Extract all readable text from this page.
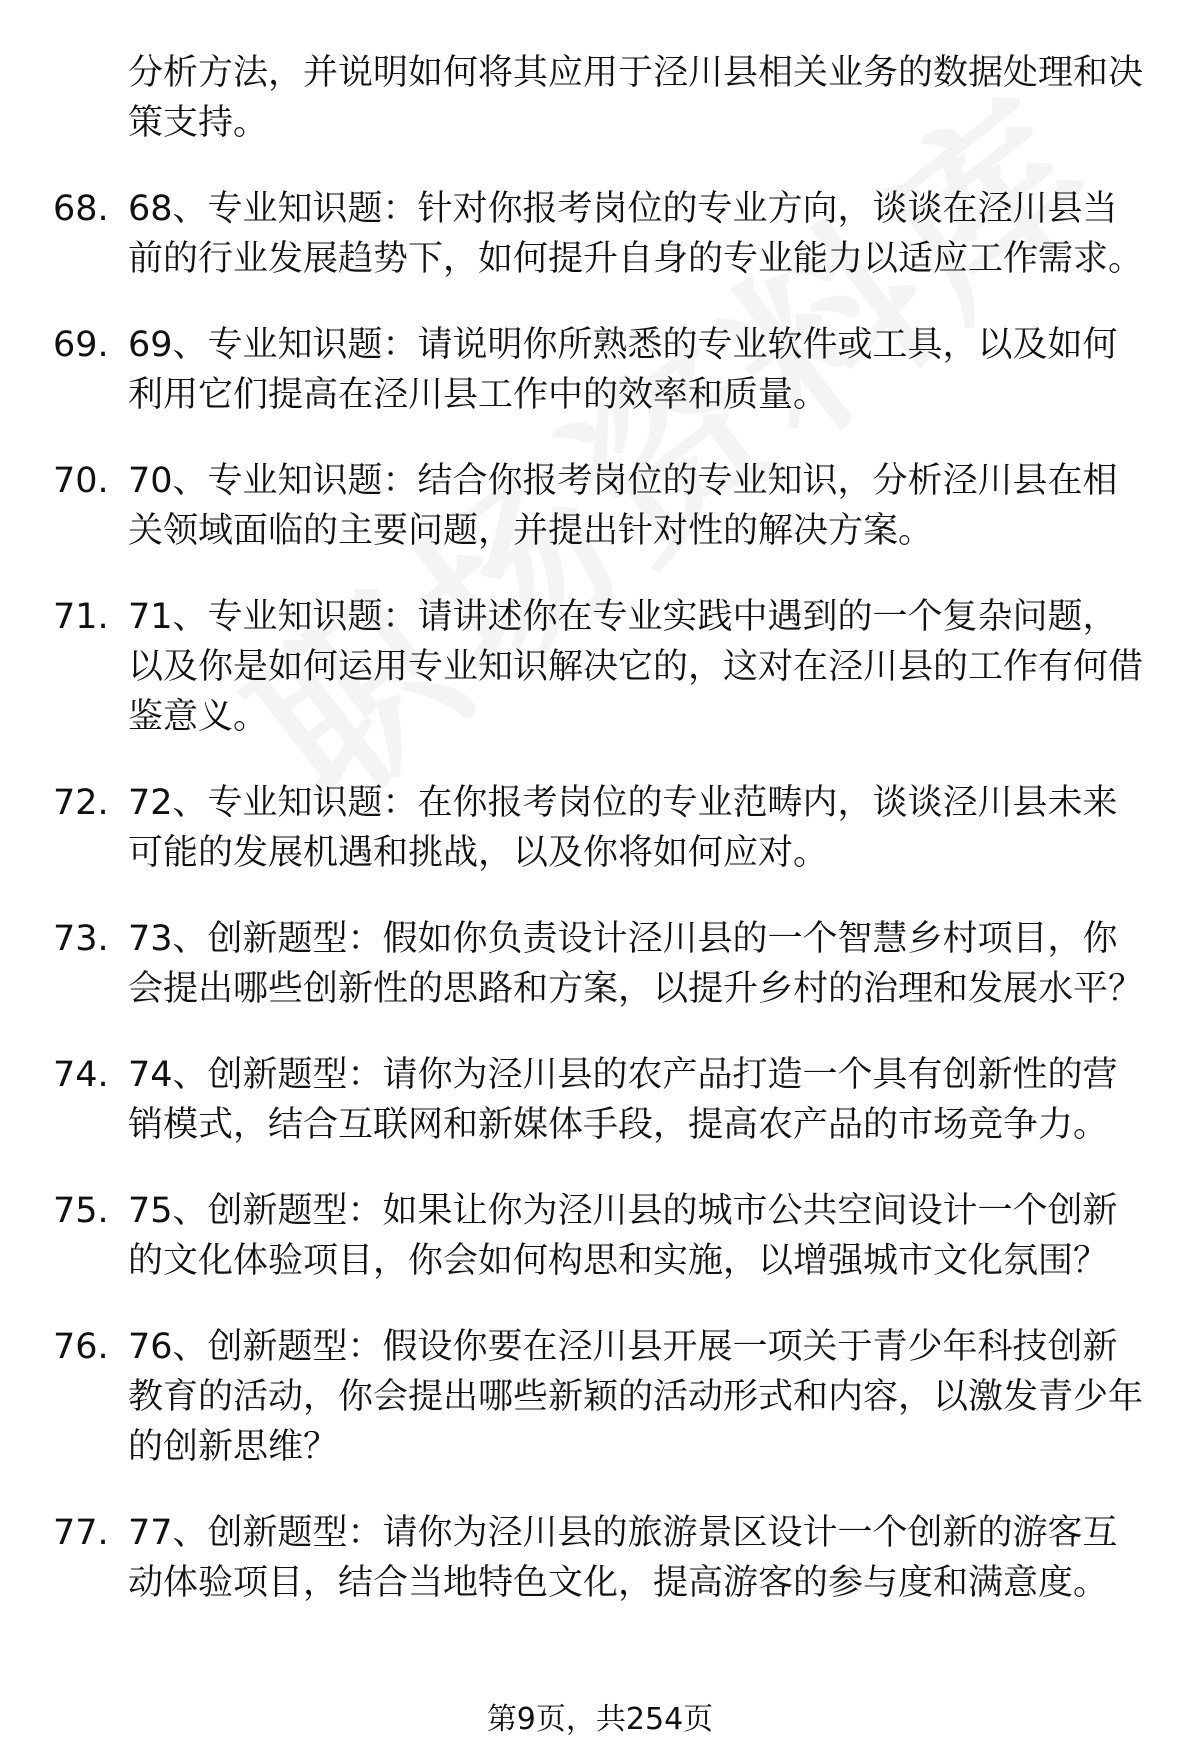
分析方法，并说明如何将其应用于泾川县相关业务的数据处理和决策支持。
68. 68、专业知识题：针对你报考岗位的专业方向，谈谈在泾川县当前的行业发展趋势下，如何提升自身的专业能力以适应工作需求。
69. 69、专业知识题：请说明你所熟悉的专业软件或工具，以及如何利用它们提高在泾川县工作中的效率和质量。
70. 70、专业知识题：结合你报考岗位的专业知识，分析泾川县在相关领域面临的主要问题，并提出针对性的解决方案。
71. 71、专业知识题：请讲述你在专业实践中遇到的一个复杂问题，以及你是如何运用专业知识解决它的，这对在泾川县的工作有何借鉴意义。
72. 72、专业知识题：在你报考岗位的专业范畴内，谈谈泾川县未来可能的发展机遇和挑战，以及你将如何应对。
73. 73、创新题型：假如你负责设计泾川县的一个智慧乡村项目，你会提出哪些创新性的思路和方案，以提升乡村的治理和发展水平？
74. 74、创新题型：请你为泾川县的农产品打造一个具有创新性的营销模式，结合互联网和新媒体手段，提高农产品的市场竞争力。
75. 75、创新题型：如果让你为泾川县的城市公共空间设计一个创新的文化体验项目，你会如何构思和实施，以增强城市文化氛围？
76. 76、创新题型：假设你要在泾川县开展一项关于青少年科技创新教育的活动，你会提出哪些新颖的活动形式和内容，以激发青少年的创新思维？
77. 77、创新题型：请你为泾川县的旅游景区设计一个创新的游客互动体验项目，结合当地特色文化，提高游客的参与度和满意度。
第9页，共254页
